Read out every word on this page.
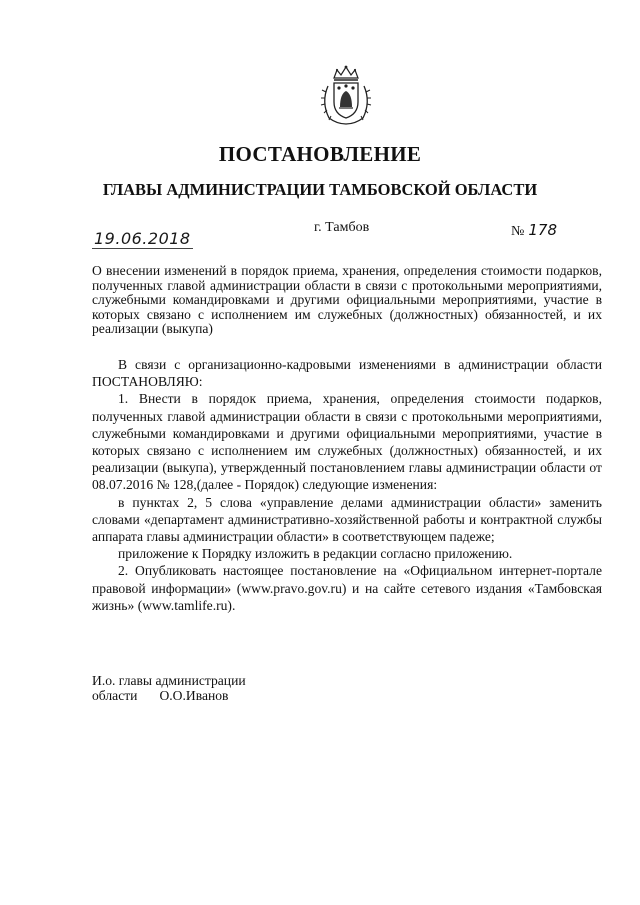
ПОСТАНОВЛЕНИЕ
ГЛАВЫ АДМИНИСТРАЦИИ ТАМБОВСКОЙ ОБЛАСТИ
19.06.2018
г. Тамбов	№ 178
О внесении изменений в порядок приема, хранения, определения стоимости подарков, полученных главой администрации области в связи с протокольными мероприятиями, служебными командировками и другими официальными мероприятиями, участие в которых связано с исполнением им служебных (должностных) обязанностей, и их реализации (выкупа)

В связи с организационно-кадровыми изменениями в администрации области ПОСТАНОВЛЯЮ:

1. Внести в порядок приема, хранения, определения стоимости подарков, полученных главой администрации области в связи с протокольными мероприятиями, служебными командировками и другими официальными мероприятиями, участие в которых связано с исполнением им служебных (должностных) обязанностей, и их реализации (выкупа), утвержденный постановлением главы администрации области от 08.07.2016 № 128,(далее - Порядок) следующие изменения:

в пунктах 2, 5 слова «управление делами администрации области» заменить словами «департамент административно-хозяйственной работы и контрактной службы аппарата главы администрации области» в соответствующем падеже;

приложение к Порядку изложить в редакции согласно приложению.

2. Опубликовать настоящее постановление на «Официальном интернет-портале правовой информации» (www.pravo.gov.ru) и на сайте сетевого издания «Тамбовская жизнь» (www.tamlife.ru).

И.о. главы администрации
области О.О.Иванов
